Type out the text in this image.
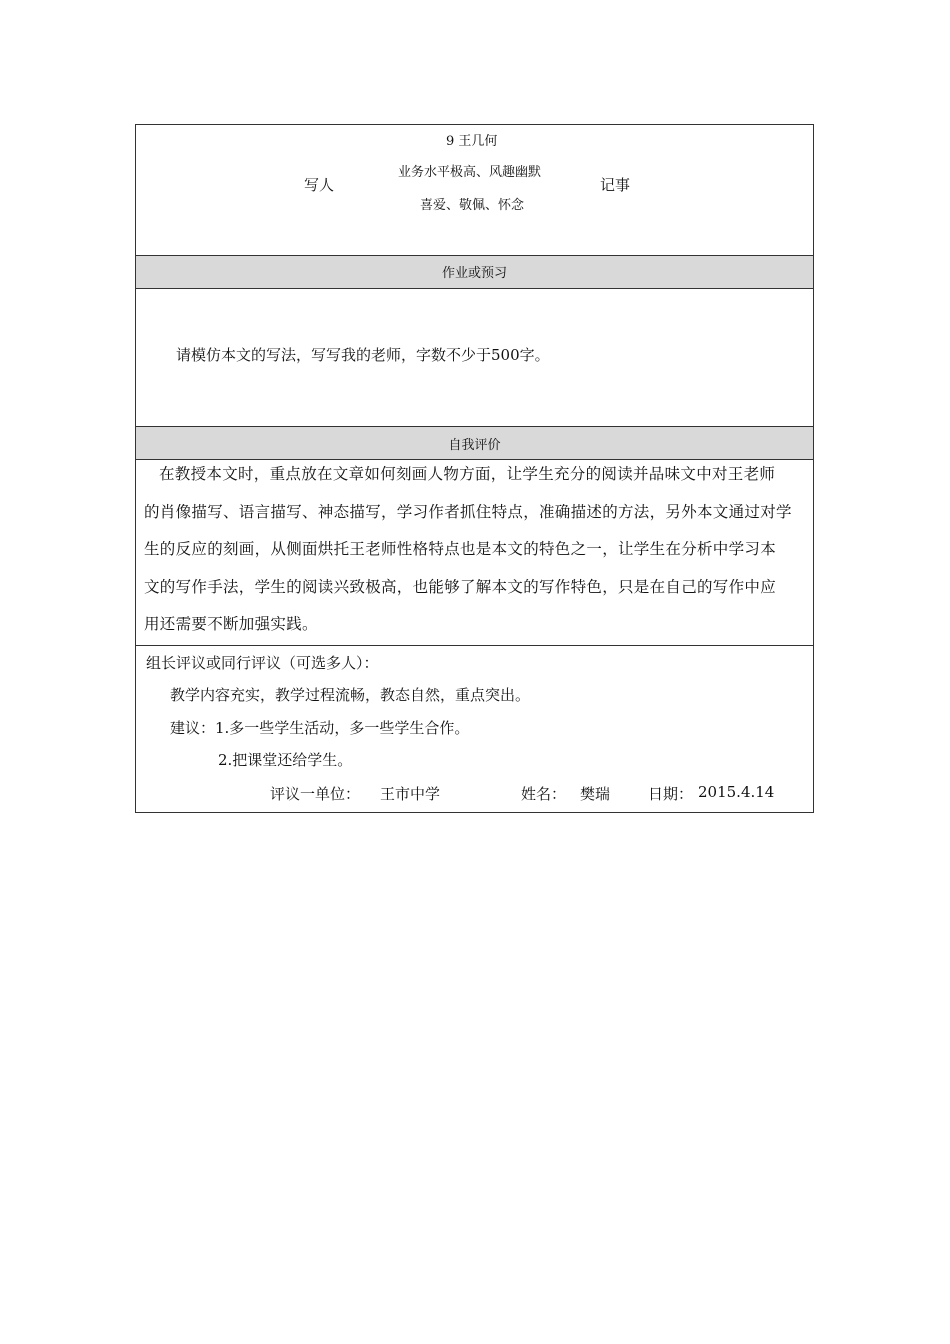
9 王几何
写人
业务水平极高、风趣幽默
记事
喜爱、敬佩、怀念
作业或预习
请模仿本文的写法，写写我的老师，字数不少于500字。
自我评价
在教授本文时，重点放在文章如何刻画人物方面，让学生充分的阅读并品味文中对王老师
的肖像描写、语言描写、神态描写，学习作者抓住特点，准确描述的方法，另外本文通过对学
生的反应的刻画，从侧面烘托王老师性格特点也是本文的特色之一，让学生在分析中学习本
文的写作手法，学生的阅读兴致极高，也能够了解本文的写作特色，只是在自己的写作中应
用还需要不断加强实践。
组长评议或同行评议（可选多人）：
教学内容充实，教学过程流畅，教态自然，重点突出。
建议：1.多一些学生活动，多一些学生合作。
2.把课堂还给学生。
评议一单位： 王市中学	姓名： 樊瑞	日期： 2015.4.14
